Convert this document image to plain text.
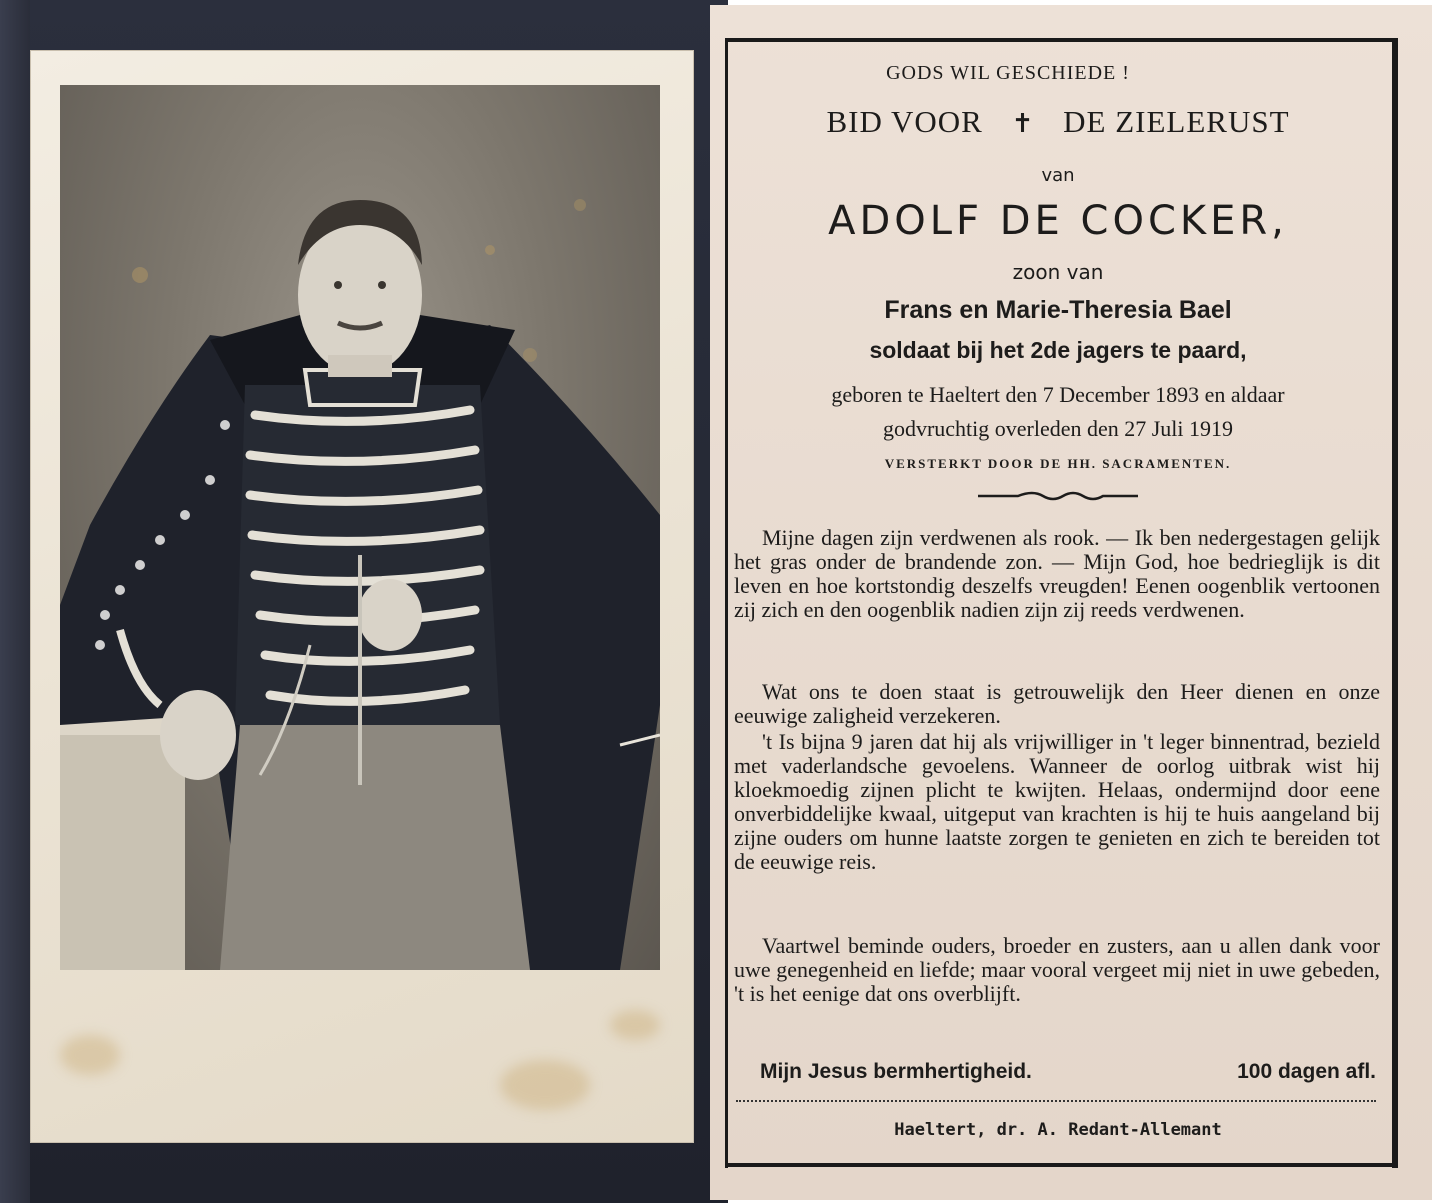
GODS WIL GESCHIEDE !
BID VOOR ✝ DE ZIELERUST
van
ADOLF DE COCKER,
zoon van
Frans en Marie-Theresia Bael
soldaat bij het 2de jagers te paard,
geboren te Haeltert den 7 December 1893 en aldaar
godvruchtig overleden den 27 Juli 1919
VERSTERKT DOOR DE HH. SACRAMENTEN.
Mijne dagen zijn verdwenen als rook. — Ik ben nedergestagen gelijk het gras onder de brandende zon. — Mijn God, hoe bedrieglijk is dit leven en hoe kortstondig deszelfs vreugden! Eenen oogenblik vertoonen zij zich en den oogenblik nadien zijn zij reeds verdwenen.
Wat ons te doen staat is getrouwelijk den Heer dienen en onze eeuwige zaligheid verzekeren.
't Is bijna 9 jaren dat hij als vrijwilliger in 't leger binnentrad, bezield met vaderlandsche gevoelens. Wanneer de oorlog uitbrak wist hij kloekmoedig zijnen plicht te kwijten. Helaas, ondermijnd door eene onverbiddelijke kwaal, uitgeput van krachten is hij te huis aangeland bij zijne ouders om hunne laatste zorgen te genieten en zich te bereiden tot de eeuwige reis.
Vaartwel beminde ouders, broeder en zusters, aan u allen dank voor uwe genegenheid en liefde; maar vooral vergeet mij niet in uwe gebeden, 't is het eenige dat ons overblijft.
Mijn Jesus bermhertigheid.	100 dagen afl.
Haeltert, dr. A. Redant-Allemant
